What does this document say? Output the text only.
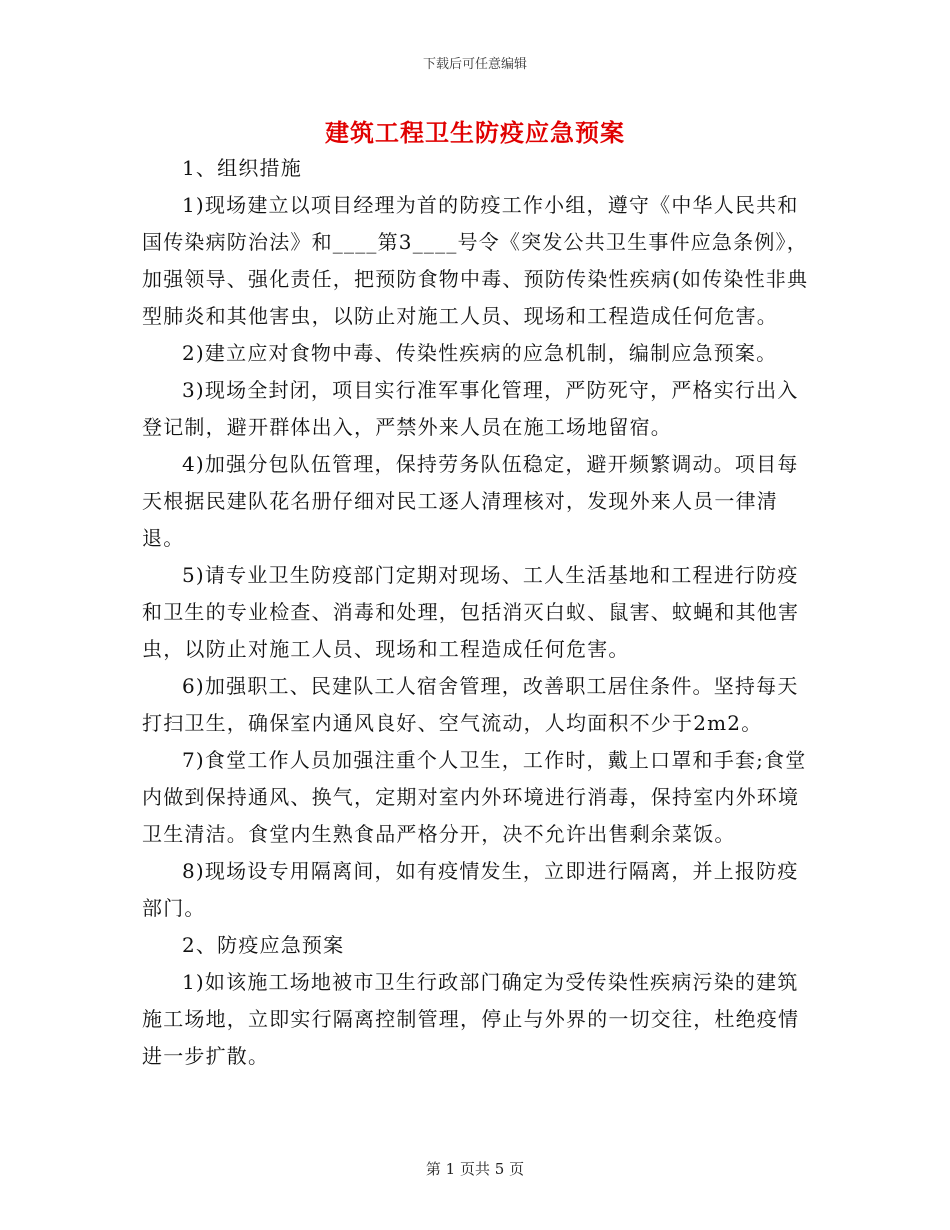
下载后可任意编辑
建筑工程卫生防疫应急预案

1、组织措施

1)现场建立以项目经理为首的防疫工作小组，遵守《中华人民共和国传染病防治法》和____第3____号令《突发公共卫生事件应急条例》，加强领导、强化责任，把预防食物中毒、预防传染性疾病(如传染性非典型肺炎和其他害虫，以防止对施工人员、现场和工程造成任何危害。

2)建立应对食物中毒、传染性疾病的应急机制，编制应急预案。

3)现场全封闭，项目实行准军事化管理，严防死守，严格实行出入登记制，避开群体出入，严禁外来人员在施工场地留宿。

4)加强分包队伍管理，保持劳务队伍稳定，避开频繁调动。项目每天根据民建队花名册仔细对民工逐人清理核对，发现外来人员一律清退。

5)请专业卫生防疫部门定期对现场、工人生活基地和工程进行防疫和卫生的专业检查、消毒和处理，包括消灭白蚁、鼠害、蚊蝇和其他害虫，以防止对施工人员、现场和工程造成任何危害。

6)加强职工、民建队工人宿舍管理，改善职工居住条件。坚持每天打扫卫生，确保室内通风良好、空气流动，人均面积不少于2m2。

7)食堂工作人员加强注重个人卫生，工作时，戴上口罩和手套;食堂内做到保持通风、换气，定期对室内外环境进行消毒，保持室内外环境卫生清洁。食堂内生熟食品严格分开，决不允许出售剩余菜饭。

8)现场设专用隔离间，如有疫情发生，立即进行隔离，并上报防疫部门。

2、防疫应急预案

1)如该施工场地被市卫生行政部门确定为受传染性疾病污染的建筑施工场地，立即实行隔离控制管理，停止与外界的一切交往，杜绝疫情进一步扩散。

第 1 页共 5 页
